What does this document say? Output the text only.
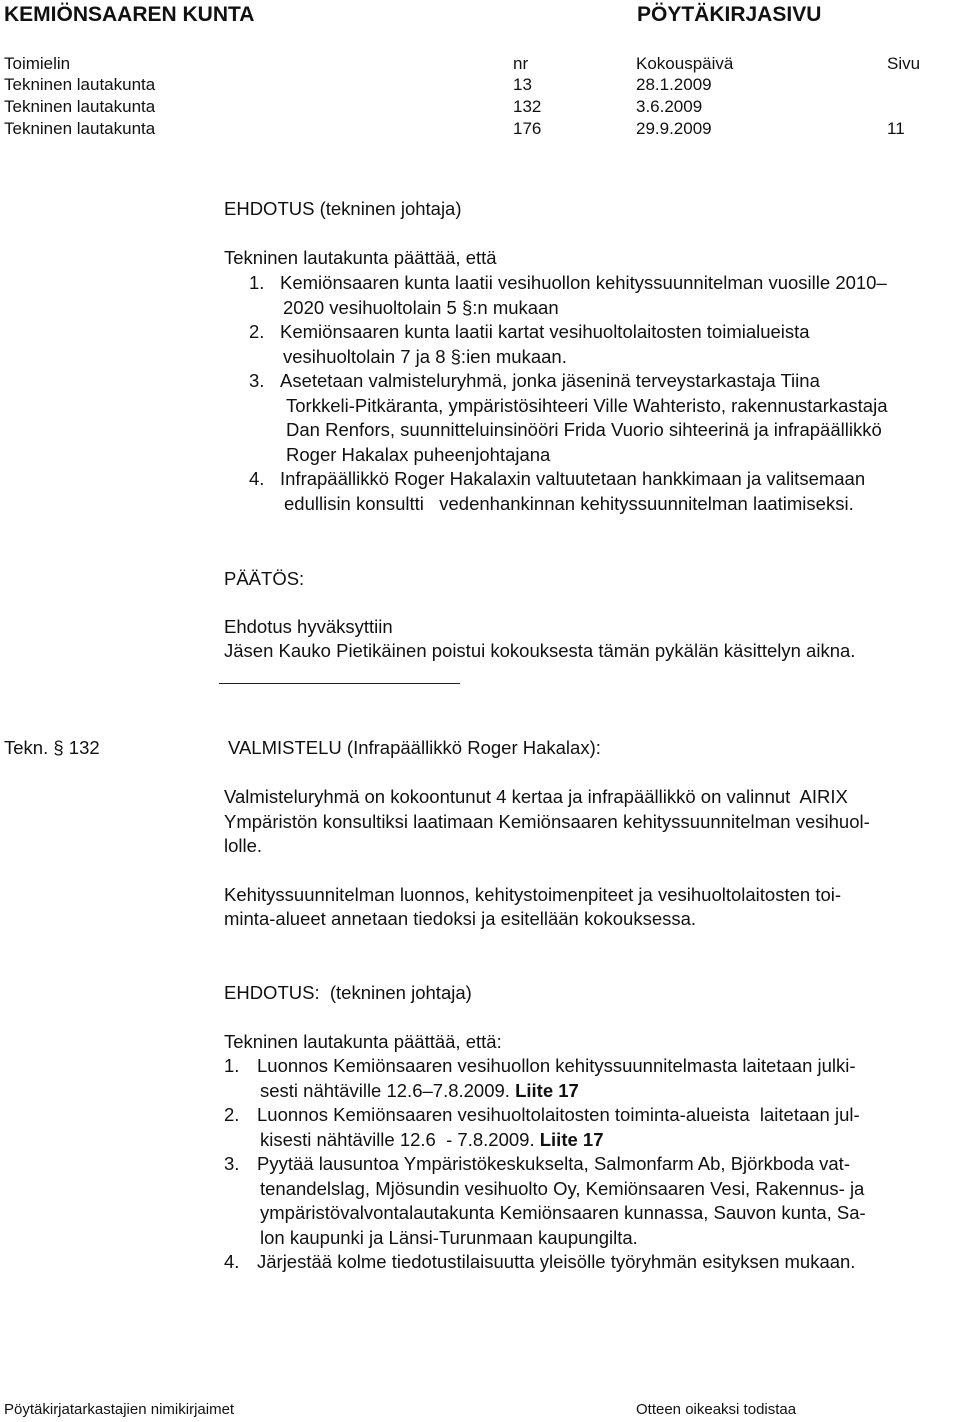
KEMIÖNSAAREN KUNTA	PÖYTÄKIRJASIVU
Toimielin	nr	Kokouspäivä	Sivu
Tekninen lautakunta	13	28.1.2009
Tekninen lautakunta	132	3.6.2009
Tekninen lautakunta	176	29.9.2009	11
EHDOTUS (tekninen johtaja)
Tekninen lautakunta päättää, että
1. Kemiönsaaren kunta laatii vesihuollon kehityssuunnitelman vuosille 2010–
2020 vesihuoltolain 5 §:n mukaan
2. Kemiönsaaren kunta laatii kartat vesihuoltolaitosten toimialueista
vesihuoltolain 7 ja 8 §:ien mukaan.
3. Asetetaan valmisteluryhmä, jonka jäseninä terveystarkastaja Tiina
Torkkeli-Pitkäranta, ympäristösihteeri Ville Wahteristo, rakennustarkastaja
Dan Renfors, suunnitteluinsinööri Frida Vuorio sihteerinä ja infrapäällikkö
Roger Hakalax puheenjohtajana
4. Infrapäällikkö Roger Hakalaxin valtuutetaan hankkimaan ja valitsemaan
edullisin konsultti   vedenhankinnan kehityssuunnitelman laatimiseksi.
PÄÄTÖS:
Ehdotus hyväksyttiin
Jäsen Kauko Pietikäinen poistui kokouksesta tämän pykälän käsittelyn aikna.
Tekn. § 132	VALMISTELU (Infrapäällikkö Roger Hakalax):
Valmisteluryhmä on kokoontunut 4 kertaa ja infrapäällikkö on valinnut  AIRIX
Ympäristön konsultiksi laatimaan Kemiönsaaren kehityssuunnitelman vesihuol-
lolle.
Kehityssuunnitelman luonnos, kehitystoimenpiteet ja vesihuoltolaitosten toi-
minta-alueet annetaan tiedoksi ja esitellään kokouksessa.
EHDOTUS:  (tekninen johtaja)
Tekninen lautakunta päättää, että:
1. Luonnos Kemiönsaaren vesihuollon kehityssuunnitelmasta laitetaan julki-
sesti nähtäville 12.6–7.8.2009. Liite 17
2. Luonnos Kemiönsaaren vesihuoltolaitosten toiminta-alueista  laitetaan jul-
kisesti nähtäville 12.6  - 7.8.2009. Liite 17
3. Pyytää lausuntoa Ympäristökeskukselta, Salmonfarm Ab, Björkboda vat-
tenandelslag, Mjösundin vesihuolto Oy, Kemiönsaaren Vesi, Rakennus- ja
ympäristövalvontalautakunta Kemiönsaaren kunnassa, Sauvon kunta, Sa-
lon kaupunki ja Länsi-Turunmaan kaupungilta.
4. Järjestää kolme tiedotustilaisuutta yleisölle työryhmän esityksen mukaan.
Pöytäkirjatarkastajien nimikirjaimet	Otteen oikeaksi todistaa
